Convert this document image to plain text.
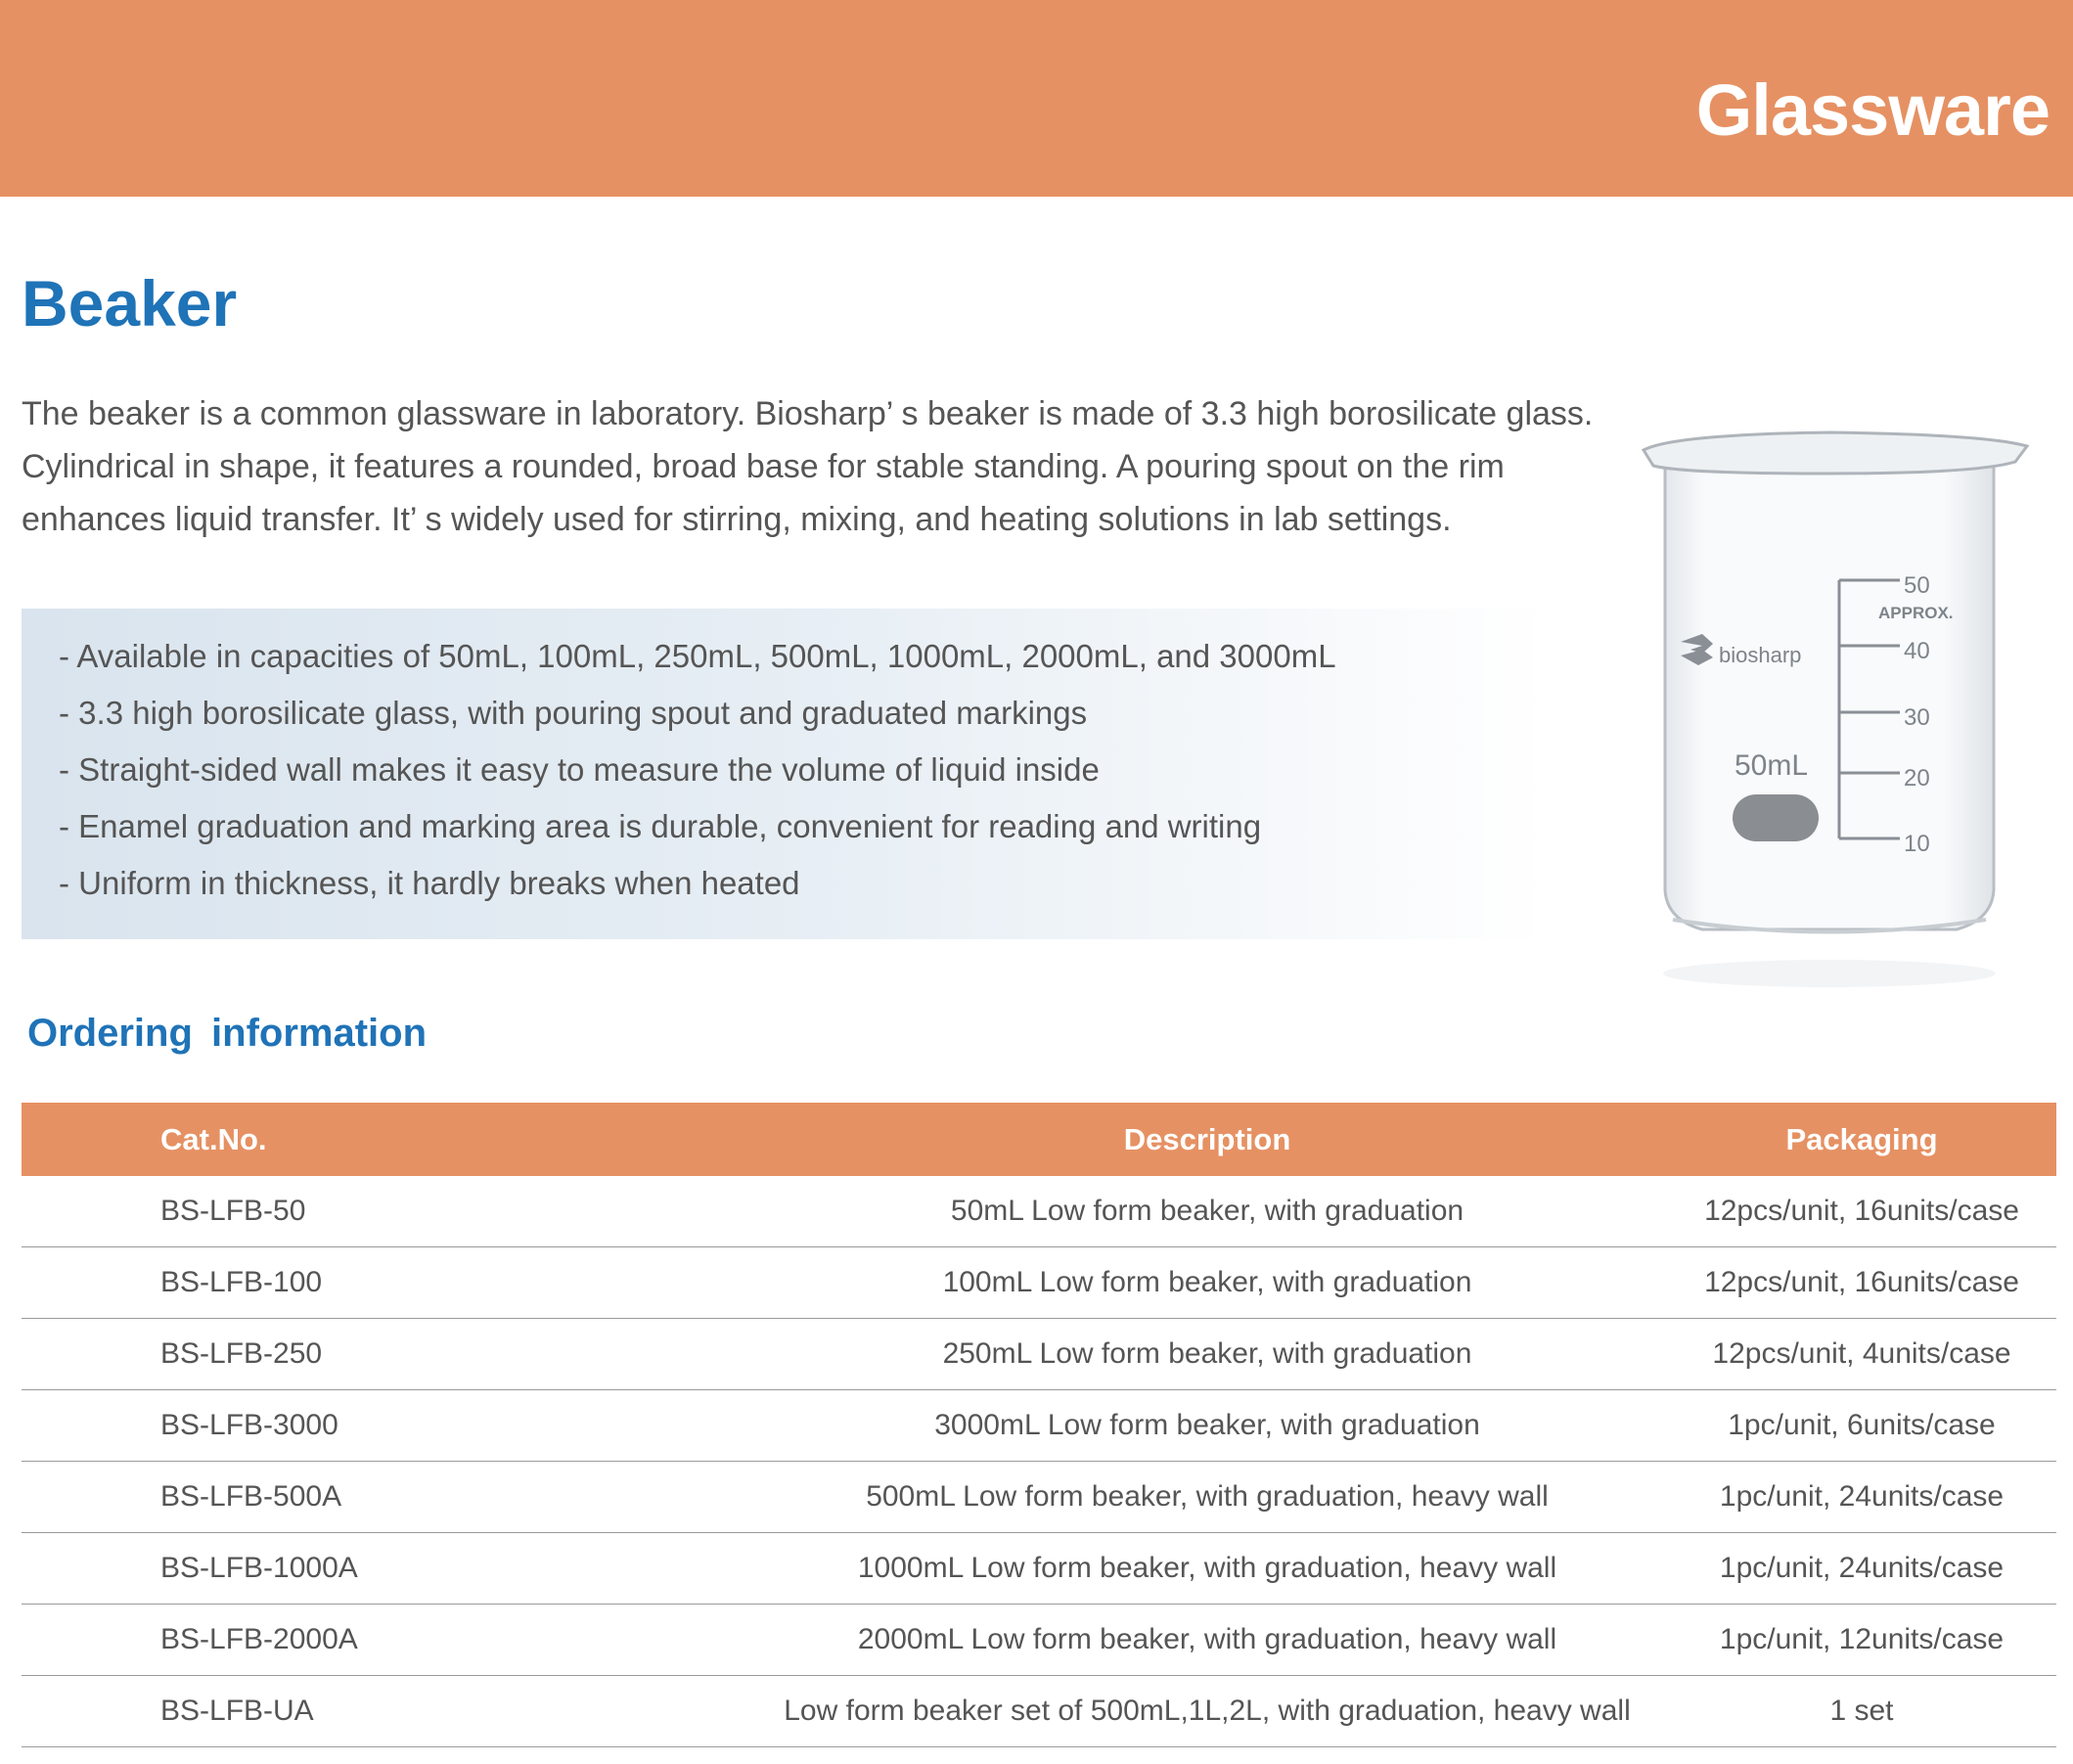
Glassware
Beaker

The beaker is a common glassware in laboratory. Biosharp’ s beaker is made of 3.3 high borosilicate glass. Cylindrical in shape, it features a rounded, broad base for stable standing. A pouring spout on the rim enhances liquid transfer. It’ s widely used for stirring, mixing, and heating solutions in lab settings.

- Available in capacities of 50mL, 100mL, 250mL, 500mL, 1000mL, 2000mL, and 3000mL
- 3.3 high borosilicate glass, with pouring spout and graduated markings
- Straight-sided wall makes it easy to measure the volume of liquid inside
- Enamel graduation and marking area is durable, convenient for reading and writing
- Uniform in thickness, it hardly breaks when heated
50
APPROX.
40
30
20
10
50mL
biosharp
Ordering information
Cat.No.	Description	Packaging
BS-LFB-50	50mL Low form beaker, with graduation	12pcs/unit, 16units/case
BS-LFB-100	100mL Low form beaker, with graduation	12pcs/unit, 16units/case
BS-LFB-250	250mL Low form beaker, with graduation	12pcs/unit, 4units/case
BS-LFB-3000	3000mL Low form beaker, with graduation	1pc/unit, 6units/case
BS-LFB-500A	500mL Low form beaker, with graduation, heavy wall	1pc/unit, 24units/case
BS-LFB-1000A	1000mL Low form beaker, with graduation, heavy wall	1pc/unit, 24units/case
BS-LFB-2000A	2000mL Low form beaker, with graduation, heavy wall	1pc/unit, 12units/case
BS-LFB-UA	Low form beaker set of 500mL,1L,2L, with graduation, heavy wall	1 set
